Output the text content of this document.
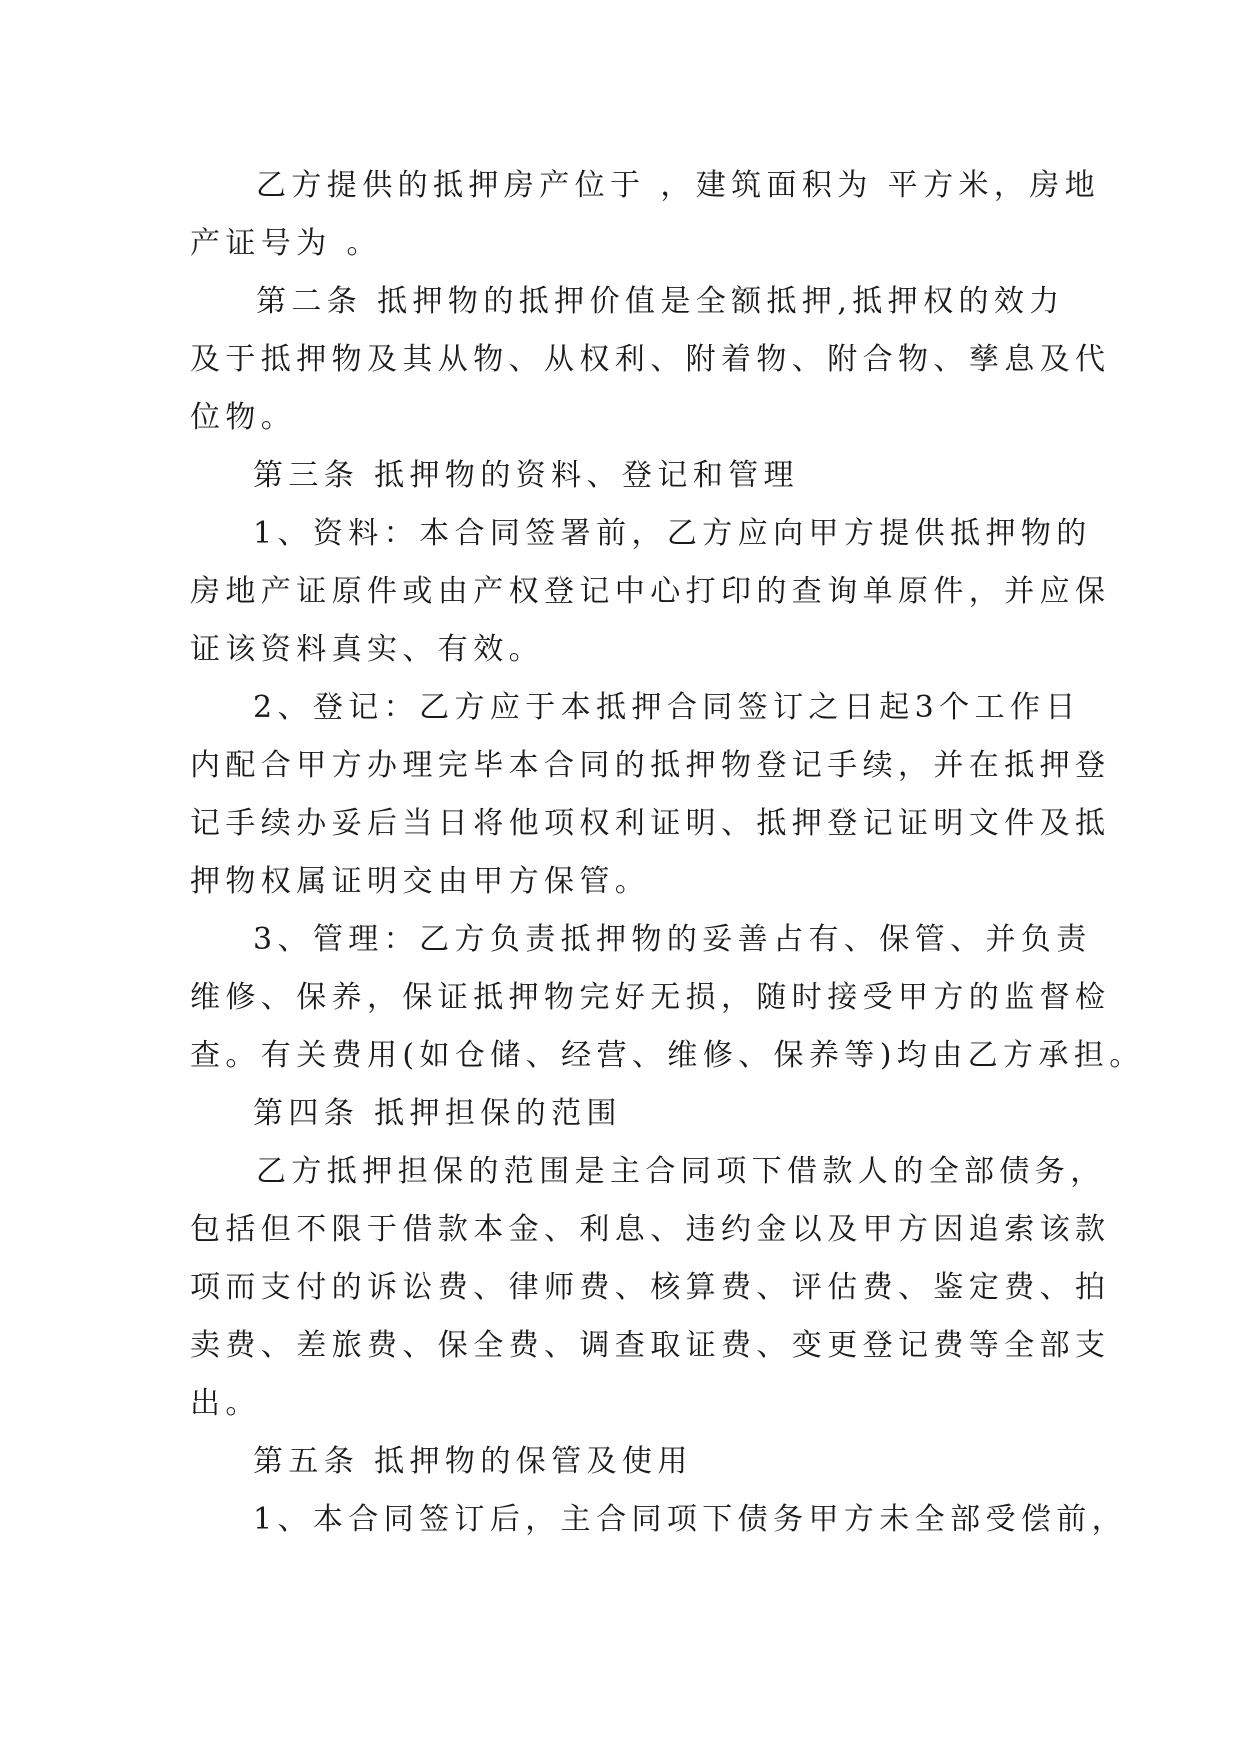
乙方提供的抵押房产位于 ，建筑面积为 平方米，房地
产证号为 。
第二条 抵押物的抵押价值是全额抵押,抵押权的效力
及于抵押物及其从物、从权利、附着物、附合物、孳息及代
位物。
第三条 抵押物的资料、登记和管理
1、资料：本合同签署前，乙方应向甲方提供抵押物的
房地产证原件或由产权登记中心打印的查询单原件，并应保
证该资料真实、有效。
2、登记：乙方应于本抵押合同签订之日起3个工作日
内配合甲方办理完毕本合同的抵押物登记手续，并在抵押登
记手续办妥后当日将他项权利证明、抵押登记证明文件及抵
押物权属证明交由甲方保管。
3、管理：乙方负责抵押物的妥善占有、保管、并负责
维修、保养，保证抵押物完好无损，随时接受甲方的监督检
查。有关费用(如仓储、经营、维修、保养等)均由乙方承担。
第四条 抵押担保的范围
乙方抵押担保的范围是主合同项下借款人的全部债务，
包括但不限于借款本金、利息、违约金以及甲方因追索该款
项而支付的诉讼费、律师费、核算费、评估费、鉴定费、拍
卖费、差旅费、保全费、调查取证费、变更登记费等全部支
出。
第五条 抵押物的保管及使用
1、本合同签订后，主合同项下债务甲方未全部受偿前，
